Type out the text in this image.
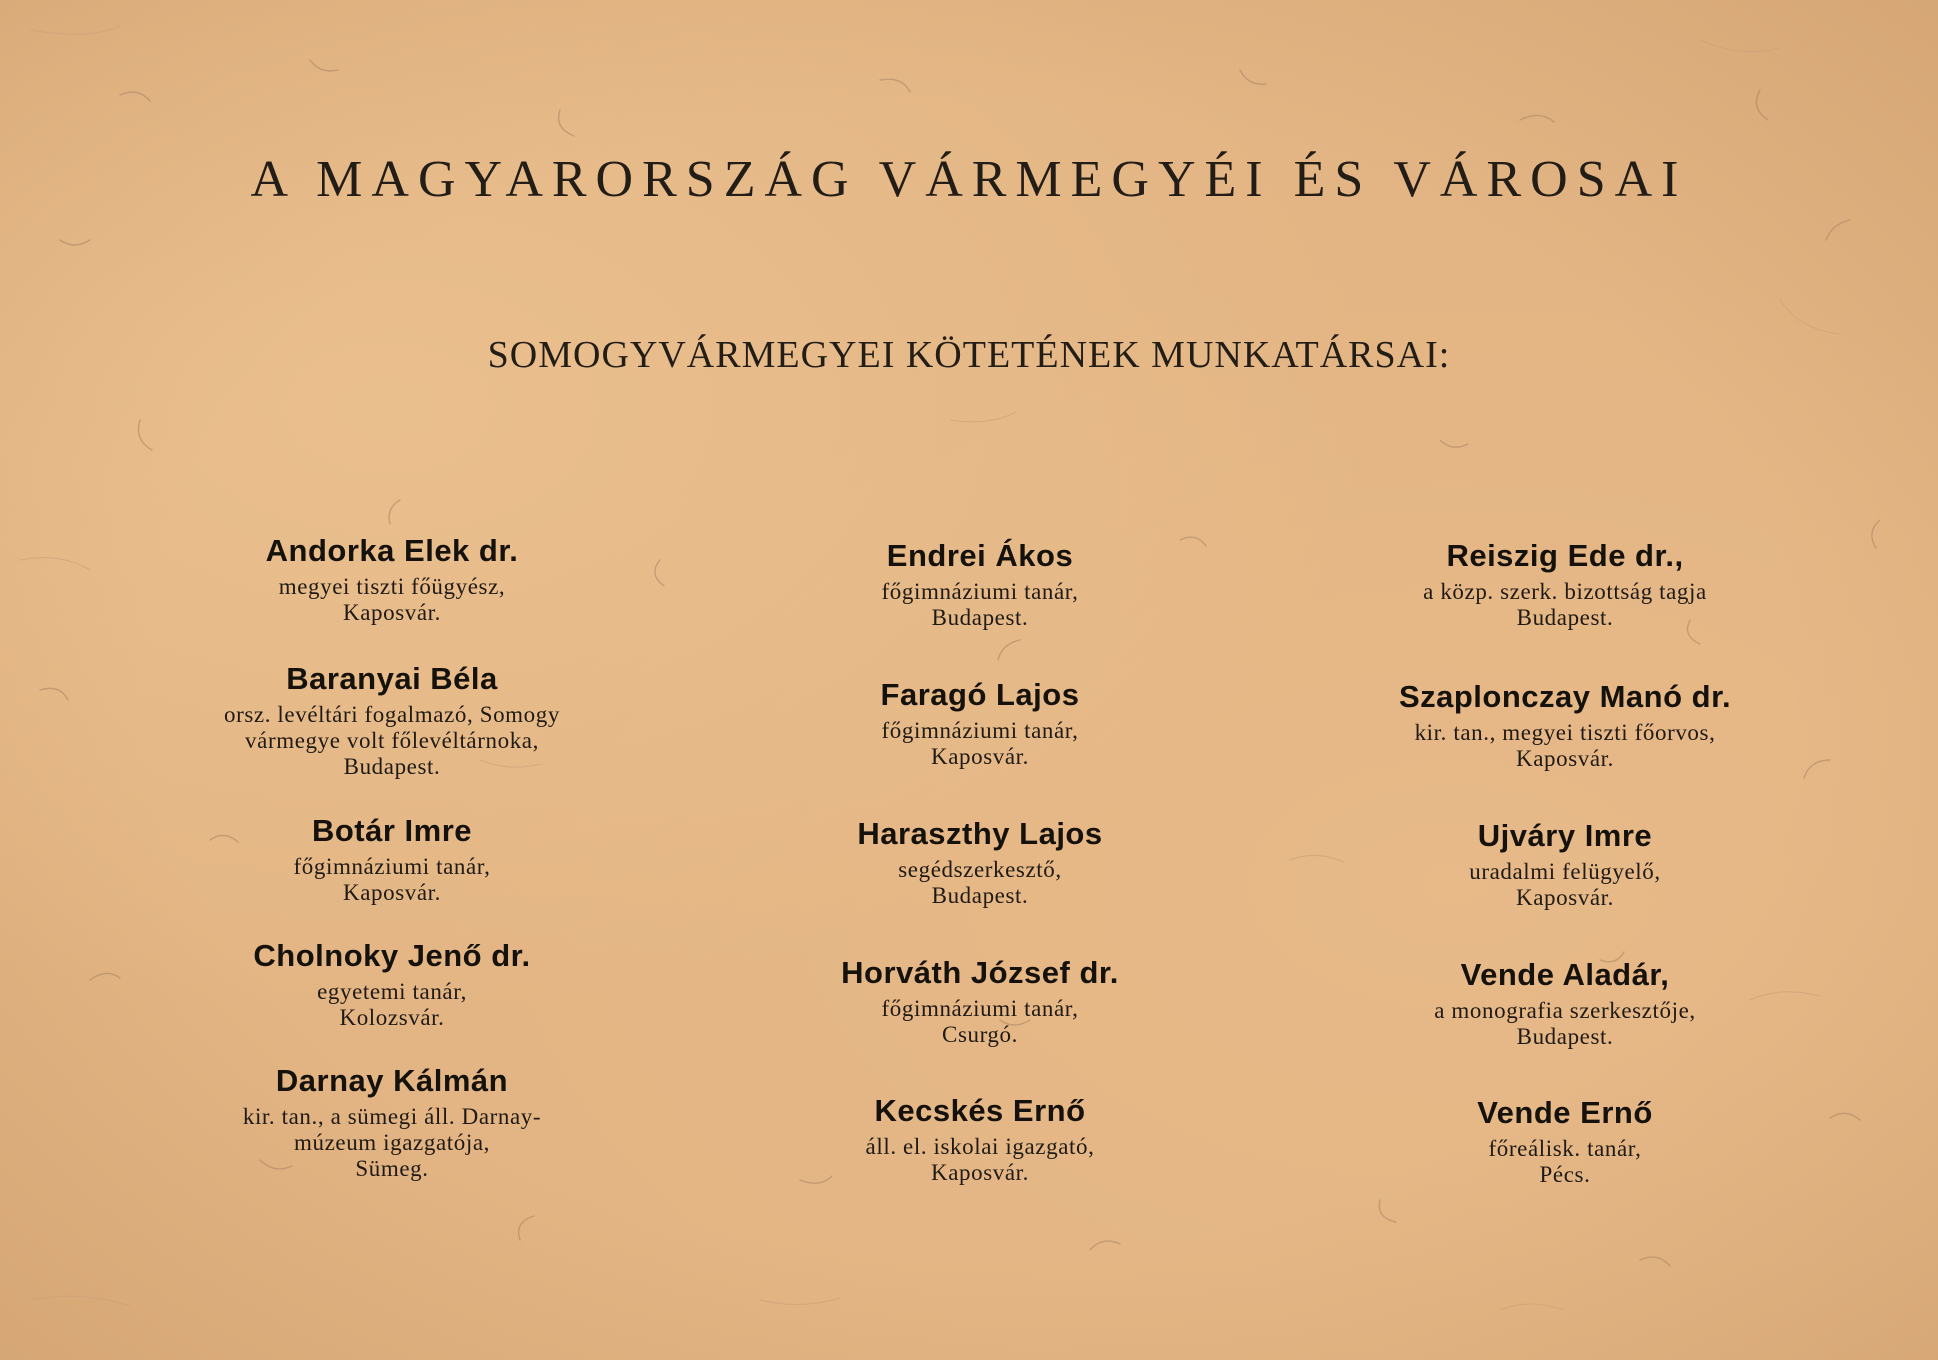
A MAGYARORSZÁG VÁRMEGYÉI ÉS VÁROSAI
SOMOGYVÁRMEGYEI KÖTETÉNEK MUNKATÁRSAI:
Andorka Elek dr.
megyei tiszti főügyész,
Kaposvár.
Baranyai Béla
orsz. levéltári fogalmazó, Somogy
vármegye volt főlevéltárnoka,
Budapest.
Botár Imre
főgimnáziumi tanár,
Kaposvár.
Cholnoky Jenő dr.
egyetemi tanár,
Kolozsvár.
Darnay Kálmán
kir. tan., a sümegi áll. Darnay-
múzeum igazgatója,
Sümeg.
Endrei Ákos
főgimnáziumi tanár,
Budapest.
Faragó Lajos
főgimnáziumi tanár,
Kaposvár.
Haraszthy Lajos
segédszerkesztő,
Budapest.
Horváth József dr.
főgimnáziumi tanár,
Csurgó.
Kecskés Ernő
áll. el. iskolai igazgató,
Kaposvár.
Reiszig Ede dr.,
a közp. szerk. bizottság tagja
Budapest.
Szaplonczay Manó dr.
kir. tan., megyei tiszti főorvos,
Kaposvár.
Ujváry Imre
uradalmi felügyelő,
Kaposvár.
Vende Aladár,
a monografia szerkesztője,
Budapest.
Vende Ernő
főreálisk. tanár,
Pécs.
